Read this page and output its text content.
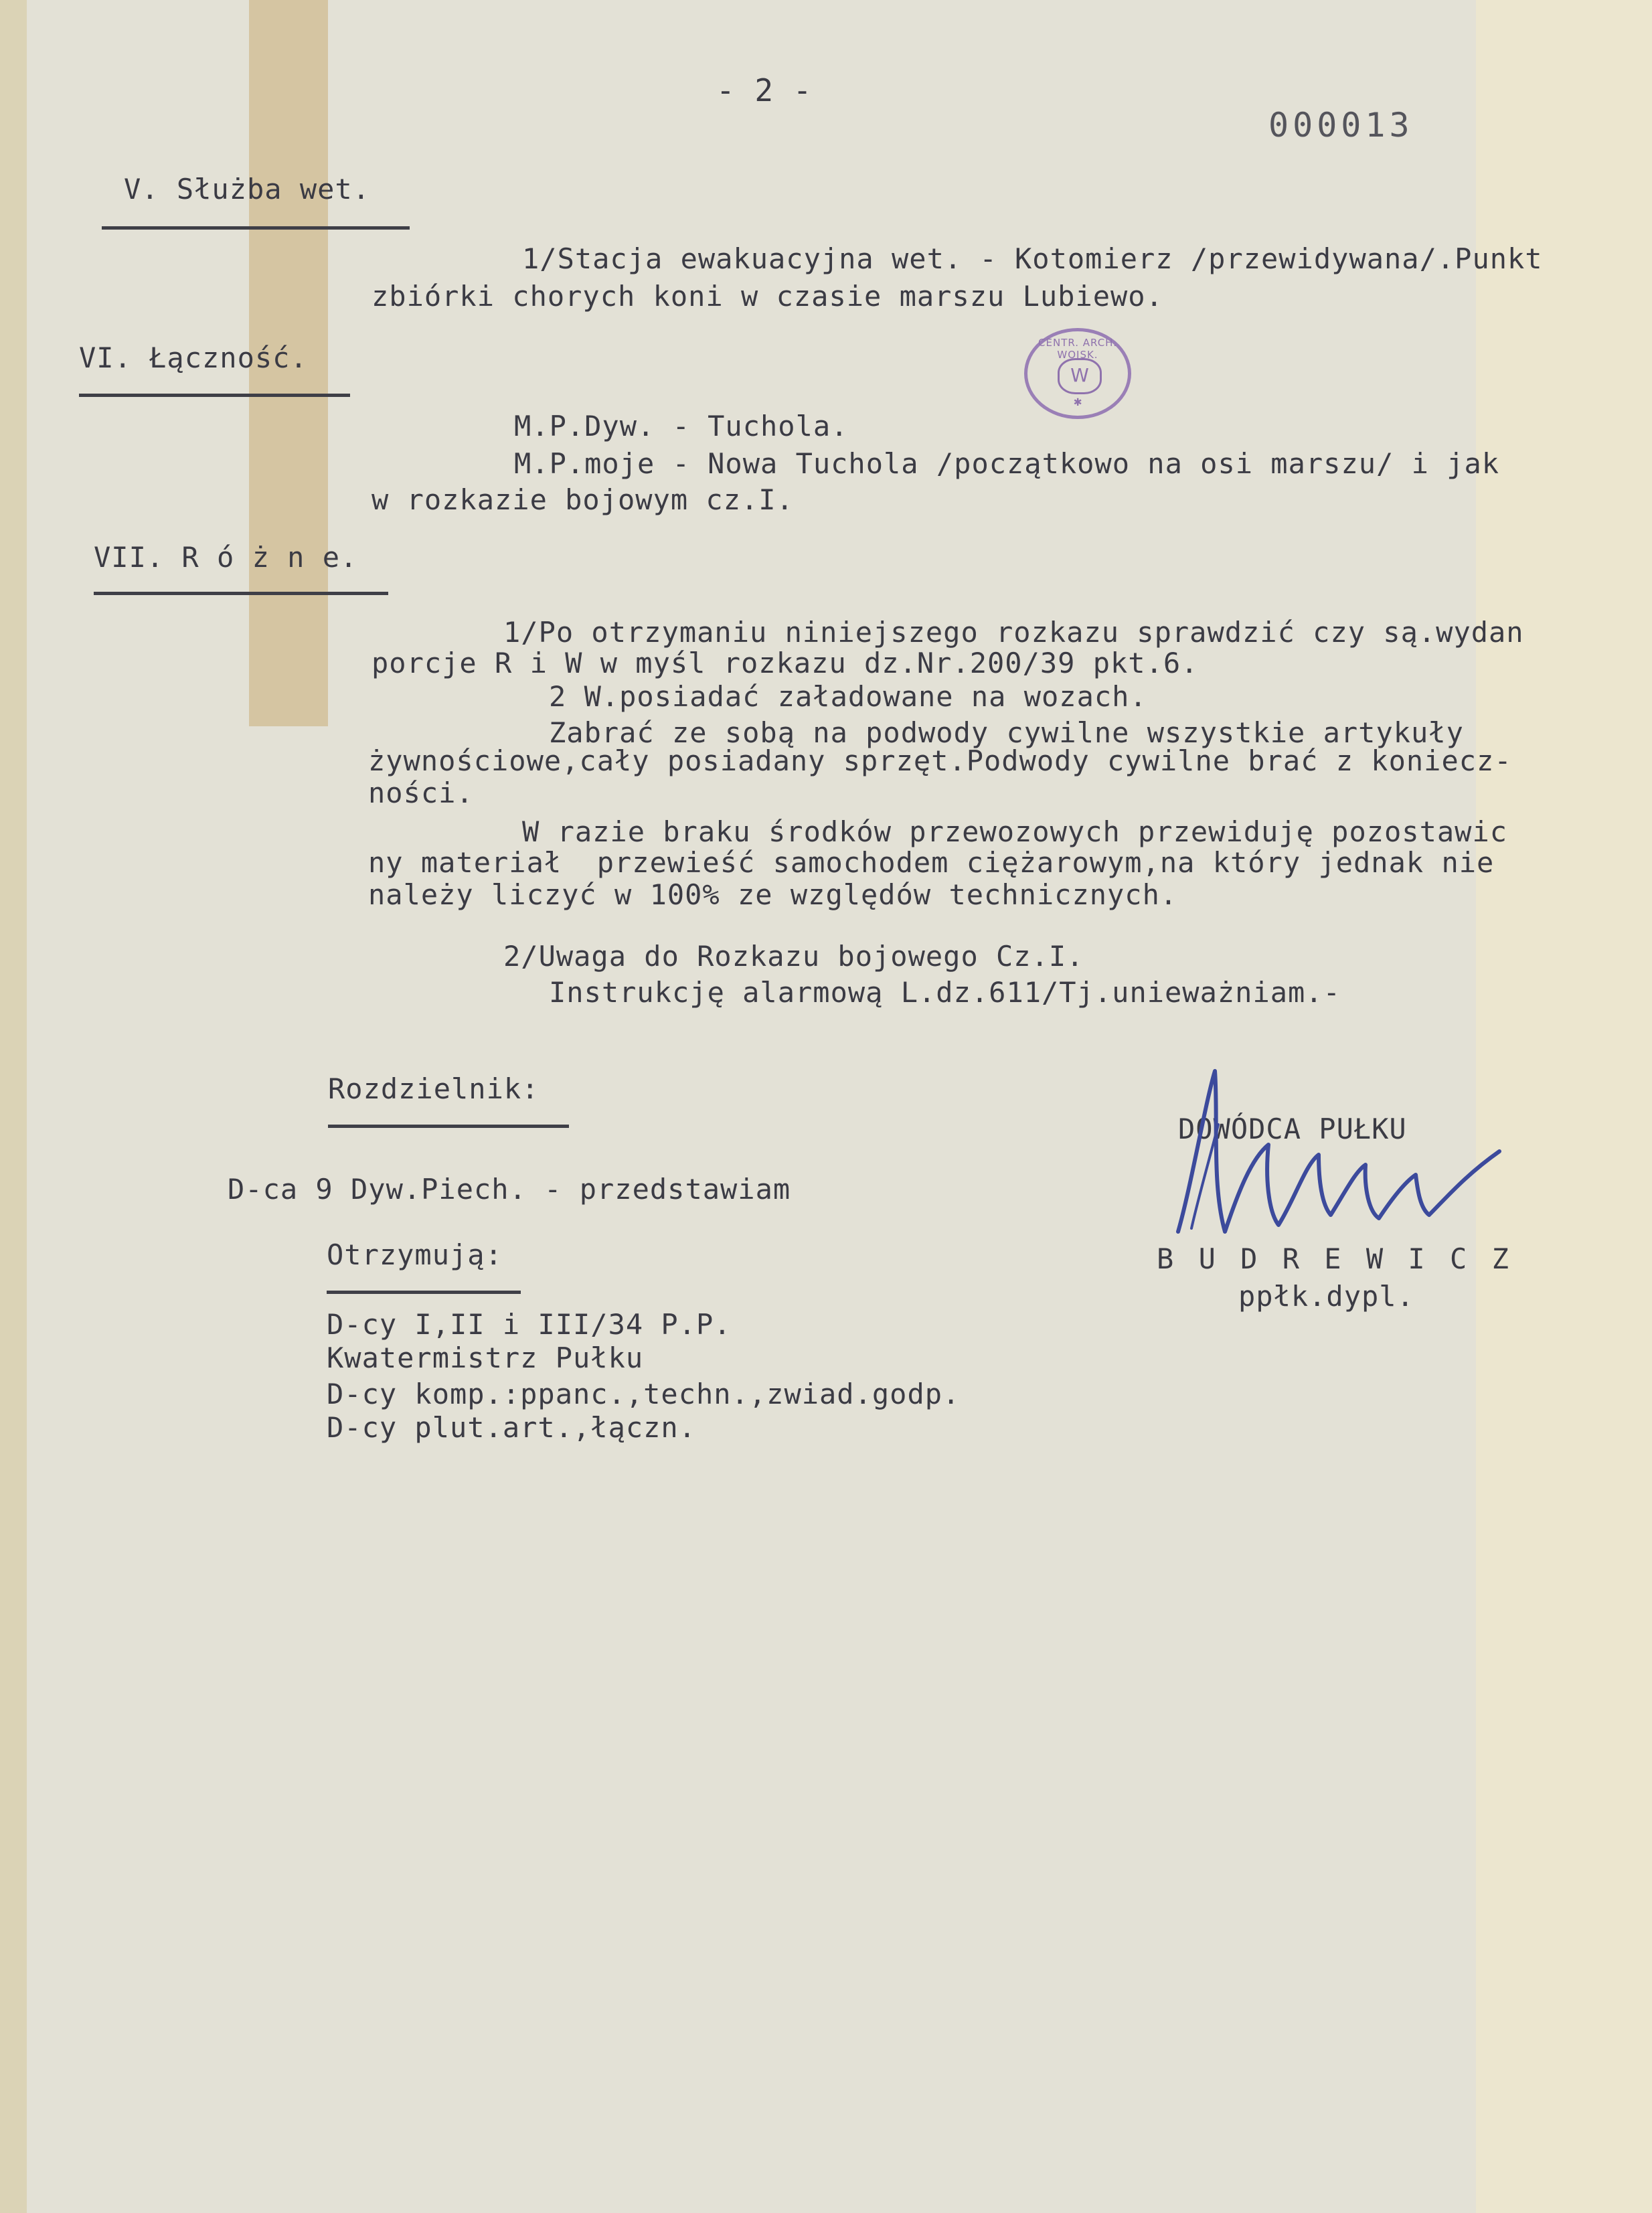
- 2 -
000013
V. Służba wet.
1/Stacja ewakuacyjna wet. - Kotomierz /przewidywana/.Punkt
zbiórki chorych koni w czasie marszu Lubiewo.
CENTR. ARCH. WOJSK.
W
✱
VI. Łączność.
M.P.Dyw. - Tuchola.
M.P.moje - Nowa Tuchola /początkowo na osi marszu/ i jak
w rozkazie bojowym cz.I.
VII. R ó ż n e.
1/Po otrzymaniu niniejszego rozkazu sprawdzić czy są.wydan
porcje R i W w myśl rozkazu dz.Nr.200/39 pkt.6.
2 W.posiadać załadowane na wozach.
Zabrać ze sobą na podwody cywilne wszystkie artykuły
żywnościowe,cały posiadany sprzęt.Podwody cywilne brać z koniecz-
ności.
W razie braku środków przewozowych przewiduję pozostawic
ny materiał  przewieść samochodem ciężarowym,na który jednak nie
należy liczyć w 100% ze względów technicznych.
2/Uwaga do Rozkazu bojowego Cz.I.
Instrukcję alarmową L.dz.611/Tj.unieważniam.-
Rozdzielnik:
D-ca 9 Dyw.Piech. - przedstawiam
Otrzymują:
D-cy I,II i III/34 P.P.
Kwatermistrz Pułku
D-cy komp.:ppanc.,techn.,zwiad.godp.
D-cy plut.art.,łączn.
DOWÓDCA PUŁKU
B U D R E W I C Z
ppłk.dypl.
